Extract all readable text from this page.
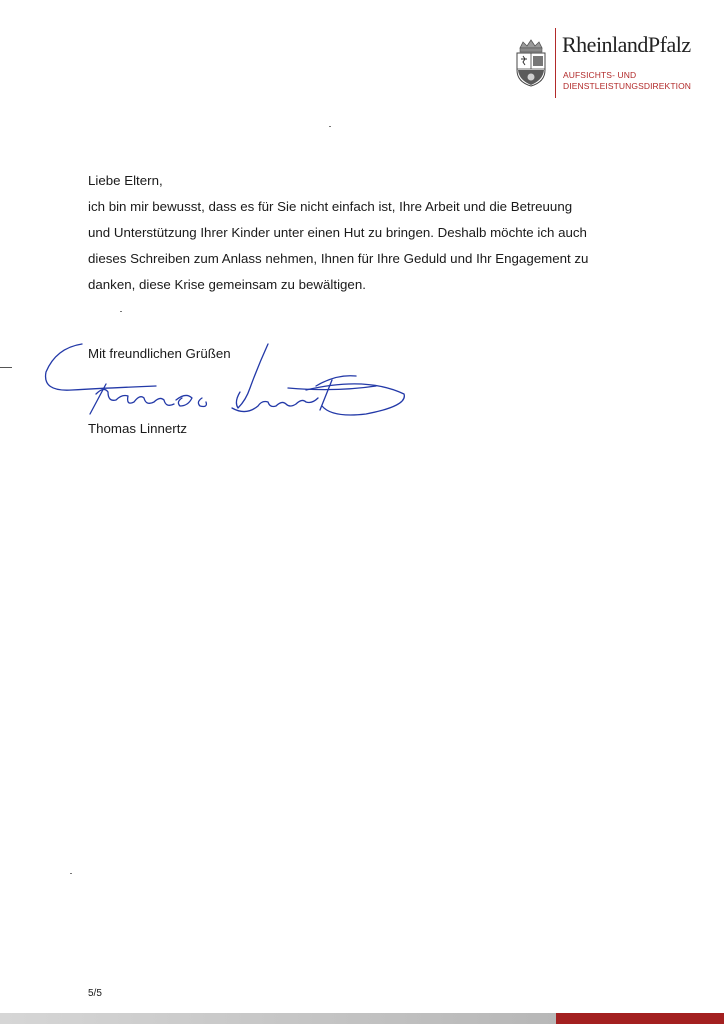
RheinlandPfalz
AUFSICHTS- UND
DIENSTLEISTUNGSDIREKTION

Liebe Eltern,

ich bin mir bewusst, dass es für Sie nicht einfach ist, Ihre Arbeit und die Betreuung

und Unterstützung Ihrer Kinder unter einen Hut zu bringen. Deshalb möchte ich auch

dieses Schreiben zum Anlass nehmen, Ihnen für Ihre Geduld und Ihr Engagement zu

danken, diese Krise gemeinsam zu bewältigen.

Mit freundlichen Grüßen
Thomas Linnertz
5/5
